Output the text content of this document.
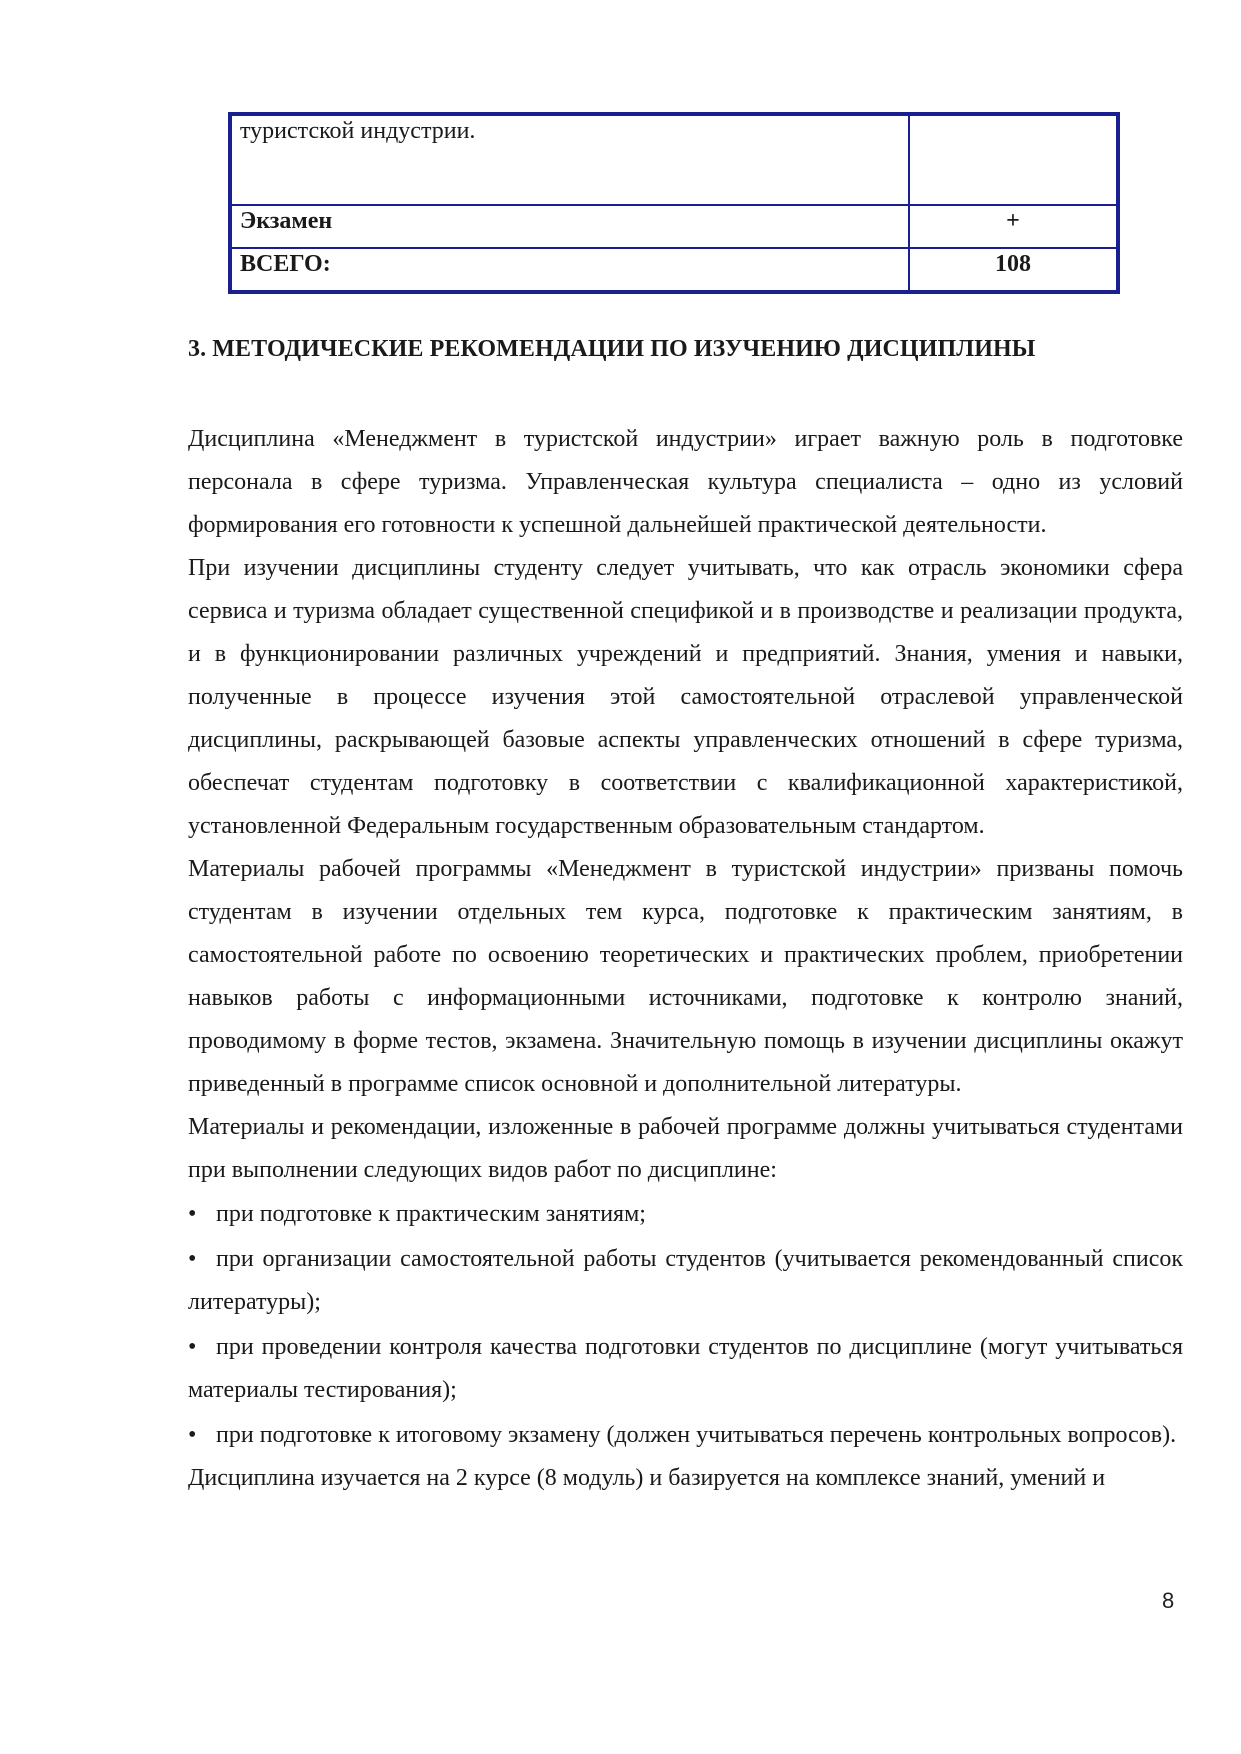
туристской индустрии.	
Экзамен	+
ВСЕГО:	108
3. МЕТОДИЧЕСКИЕ РЕКОМЕНДАЦИИ ПО ИЗУЧЕНИЮ ДИСЦИПЛИНЫ

Дисциплина «Менеджмент в туристской индустрии» играет важную роль в подготовке персонала в сфере туризма. Управленческая культура специалиста – одно из условий формирования его готовности к успешной дальнейшей практической деятельности.

При изучении дисциплины студенту следует учитывать, что как отрасль экономики сфера сервиса и туризма обладает существенной спецификой и в производстве и реализации продукта, и в функционировании различных учреждений и предприятий. Знания, умения и навыки, полученные в процессе изучения этой самостоятельной отраслевой управленческой дисциплины, раскрывающей базовые аспекты управленческих отношений в сфере туризма, обеспечат студентам подготовку в соответствии с квалификационной характеристикой, установленной Федеральным государственным образовательным стандартом.

Материалы рабочей программы «Менеджмент в туристской индустрии» призваны помочь студентам в изучении отдельных тем курса, подготовке к практическим занятиям, в самостоятельной работе по освоению теоретических и практических проблем, приобретении навыков работы с информационными источниками, подготовке к контролю знаний, проводимому в форме тестов, экзамена. Значительную помощь в изучении дисциплины окажут приведенный в программе список основной и дополнительной литературы.

Материалы и рекомендации, изложенные в рабочей программе должны учитываться студентами при выполнении следующих видов работ по дисциплине:

• при подготовке к практическим занятиям;

• при организации самостоятельной работы студентов (учитывается рекомендованный список литературы);

• при проведении контроля качества подготовки студентов по дисциплине (могут учитываться материалы тестирования);

• при подготовке к итоговому экзамену (должен учитываться перечень контрольных вопросов).

Дисциплина изучается на 2 курсе (8 модуль) и базируется на комплексе знаний, умений и

8
